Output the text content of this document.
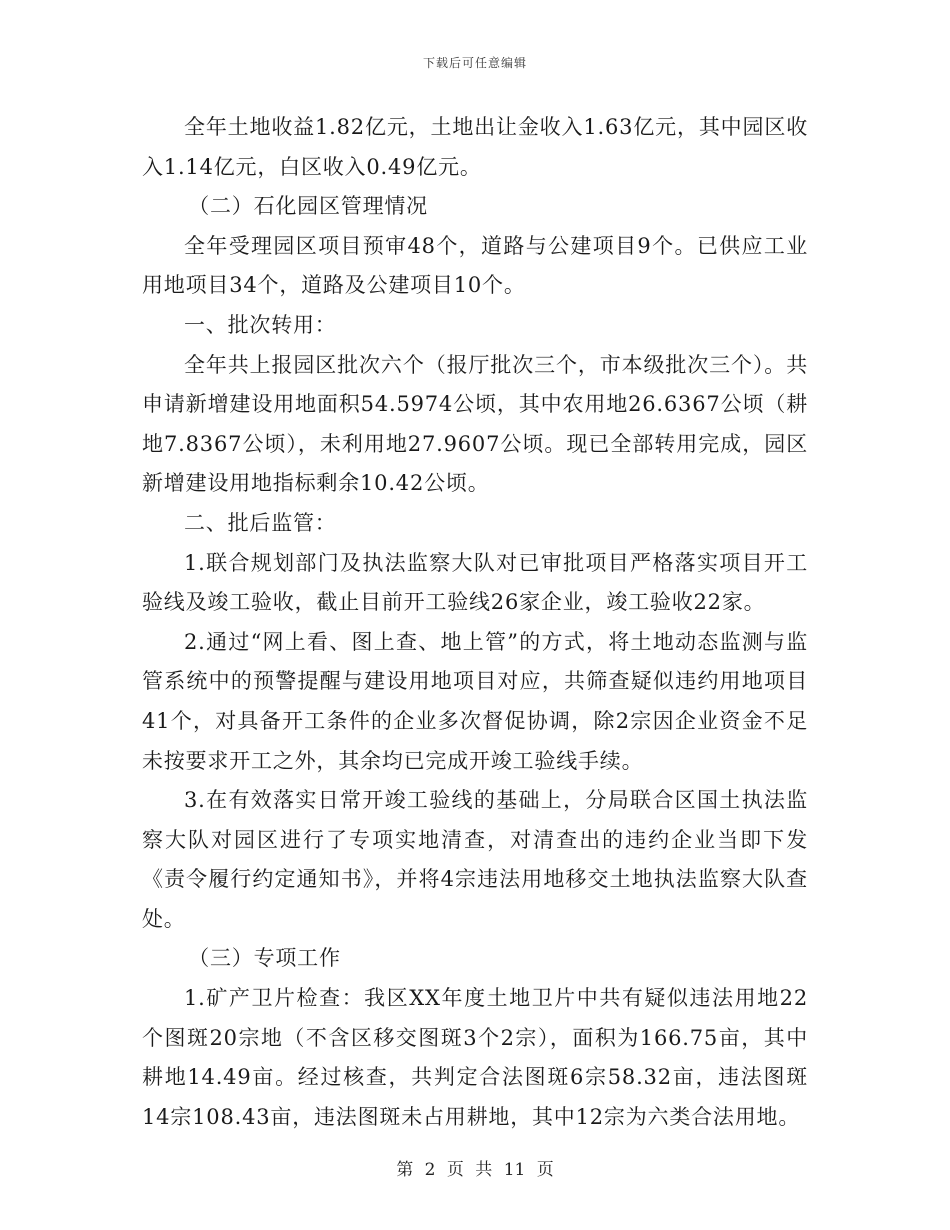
下载后可任意编辑

全年土地收益1.82亿元，土地出让金收入1.63亿元，其中园区收入1.14亿元，白区收入0.49亿元。

（二）石化园区管理情况

全年受理园区项目预审48个，道路与公建项目9个。已供应工业用地项目34个，道路及公建项目10个。

一、批次转用：

全年共上报园区批次六个（报厅批次三个，市本级批次三个）。共申请新增建设用地面积54.5974公顷，其中农用地26.6367公顷（耕地7.8367公顷），未利用地27.9607公顷。现已全部转用完成，园区新增建设用地指标剩余10.42公顷。

二、批后监管：

1.联合规划部门及执法监察大队对已审批项目严格落实项目开工验线及竣工验收，截止目前开工验线26家企业，竣工验收22家。

2.通过“网上看、图上查、地上管”的方式，将土地动态监测与监管系统中的预警提醒与建设用地项目对应，共筛查疑似违约用地项目41个，对具备开工条件的企业多次督促协调，除2宗因企业资金不足未按要求开工之外，其余均已完成开竣工验线手续。

3.在有效落实日常开竣工验线的基础上，分局联合区国土执法监察大队对园区进行了专项实地清查，对清查出的违约企业当即下发《责令履行约定通知书》，并将4宗违法用地移交土地执法监察大队查处。

（三）专项工作

1.矿产卫片检查：我区XX年度土地卫片中共有疑似违法用地22个图斑20宗地（不含区移交图斑3个2宗），面积为166.75亩，其中耕地14.49亩。经过核查，共判定合法图斑6宗58.32亩，违法图斑14宗108.43亩，违法图斑未占用耕地，其中12宗为六类合法用地。

第 2 页 共 11 页
